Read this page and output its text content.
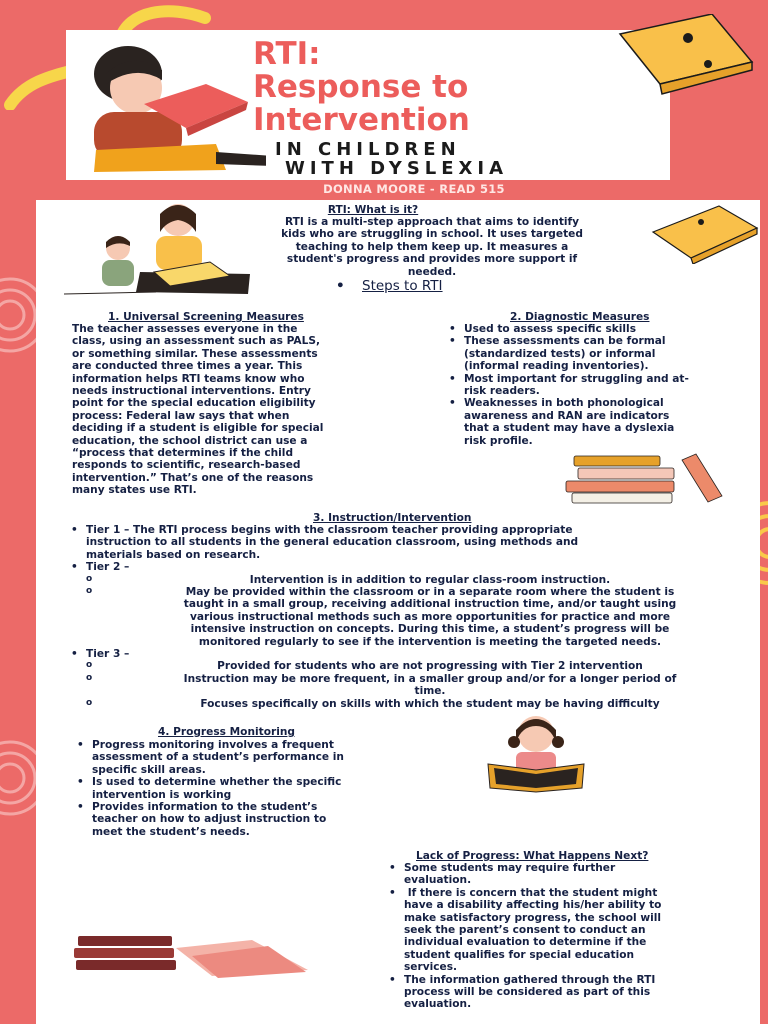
RTI:
Response to
Intervention
IN CHILDREN
WITH DYSLEXIA
DONNA MOORE - READ 515
RTI: What is it?
RTI is a multi-step approach that aims to identify
kids who are struggling in school. It uses targeted
teaching to help them keep up. It measures a
student's progress and provides more support if
needed.
• Steps to RTI
1. Universal Screening Measures
The teacher assesses everyone in the
class, using an assessment such as PALS,
or something similar. These assessments
are conducted three times a year. This
information helps RTI teams know who
needs instructional interventions. Entry
point for the special education eligibility
process: Federal law says that when
deciding if a student is eligible for special
education, the school district can use a
“process that determines if the child
responds to scientific, research-based
intervention.” That’s one of the reasons
many states use RTI.
2. Diagnostic Measures
• Used to assess specific skills
• These assessments can be formal
(standardized tests) or informal
(informal reading inventories).
• Most important for struggling and at-
risk readers.
• Weaknesses in both phonological
awareness and RAN are indicators
that a student may have a dyslexia
risk profile.
3. Instruction/Intervention
• Tier 1 – The RTI process begins with the classroom teacher providing appropriate
instruction to all students in the general education classroom, using methods and
materials based on research.
• Tier 2 –
o Intervention is in addition to regular class-room instruction.
o May be provided within the classroom or in a separate room where the student is
taught in a small group, receiving additional instruction time, and/or taught using
various instructional methods such as more opportunities for practice and more
intensive instruction on concepts. During this time, a student’s progress will be
monitored regularly to see if the intervention is meeting the targeted needs.
• Tier 3 –
o Provided for students who are not progressing with Tier 2 intervention
o Instruction may be more frequent, in a smaller group and/or for a longer period of
time.
o Focuses specifically on skills with which the student may be having difficulty
4. Progress Monitoring
• Progress monitoring involves a frequent
assessment of a student’s performance in
specific skill areas.
• Is used to determine whether the specific
intervention is working
• Provides information to the student’s
teacher on how to adjust instruction to
meet the student’s needs.
Lack of Progress: What Happens Next?
• Some students may require further
evaluation.
•  If there is concern that the student might
have a disability affecting his/her ability to
make satisfactory progress, the school will
seek the parent’s consent to conduct an
individual evaluation to determine if the
student qualifies for special education
services.
• The information gathered through the RTI
process will be considered as part of this
evaluation.
